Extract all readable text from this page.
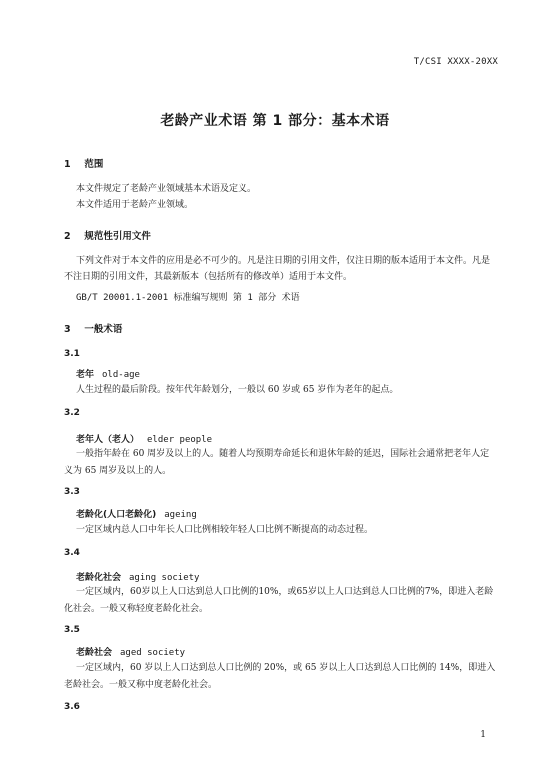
T/CSI XXXX-20XX
老龄产业术语 第 1 部分：基本术语
1 范围
本文件规定了老龄产业领域基本术语及定义。
本文件适用于老龄产业领域。
2 规范性引用文件
下列文件对于本文件的应用是必不可少的。凡是注日期的引用文件，仅注日期的版本适用于本文件。凡是不注日期的引用文件，其最新版本（包括所有的修改单）适用于本文件。
GB/T 20001.1-2001 标准编写规则 第 1 部分 术语
3 一般术语
3.1
老年 old-age
人生过程的最后阶段。按年代年龄划分，一般以 60 岁或 65 岁作为老年的起点。
3.2
老年人（老人） elder people
一般指年龄在 60 周岁及以上的人。随着人均预期寿命延长和退休年龄的延迟，国际社会通常把老年人定义为 65 周岁及以上的人。
3.3
老龄化(人口老龄化) ageing
一定区域内总人口中年长人口比例相较年轻人口比例不断提高的动态过程。
3.4
老龄化社会 aging society
一定区域内，60岁以上人口达到总人口比例的10%，或65岁以上人口达到总人口比例的7%，即进入老龄化社会。一般又称轻度老龄化社会。
3.5
老龄社会 aged society
一定区域内，60 岁以上人口达到总人口比例的 20%，或 65 岁以上人口达到总人口比例的 14%，即进入老龄社会。一般又称中度老龄化社会。
3.6
1
